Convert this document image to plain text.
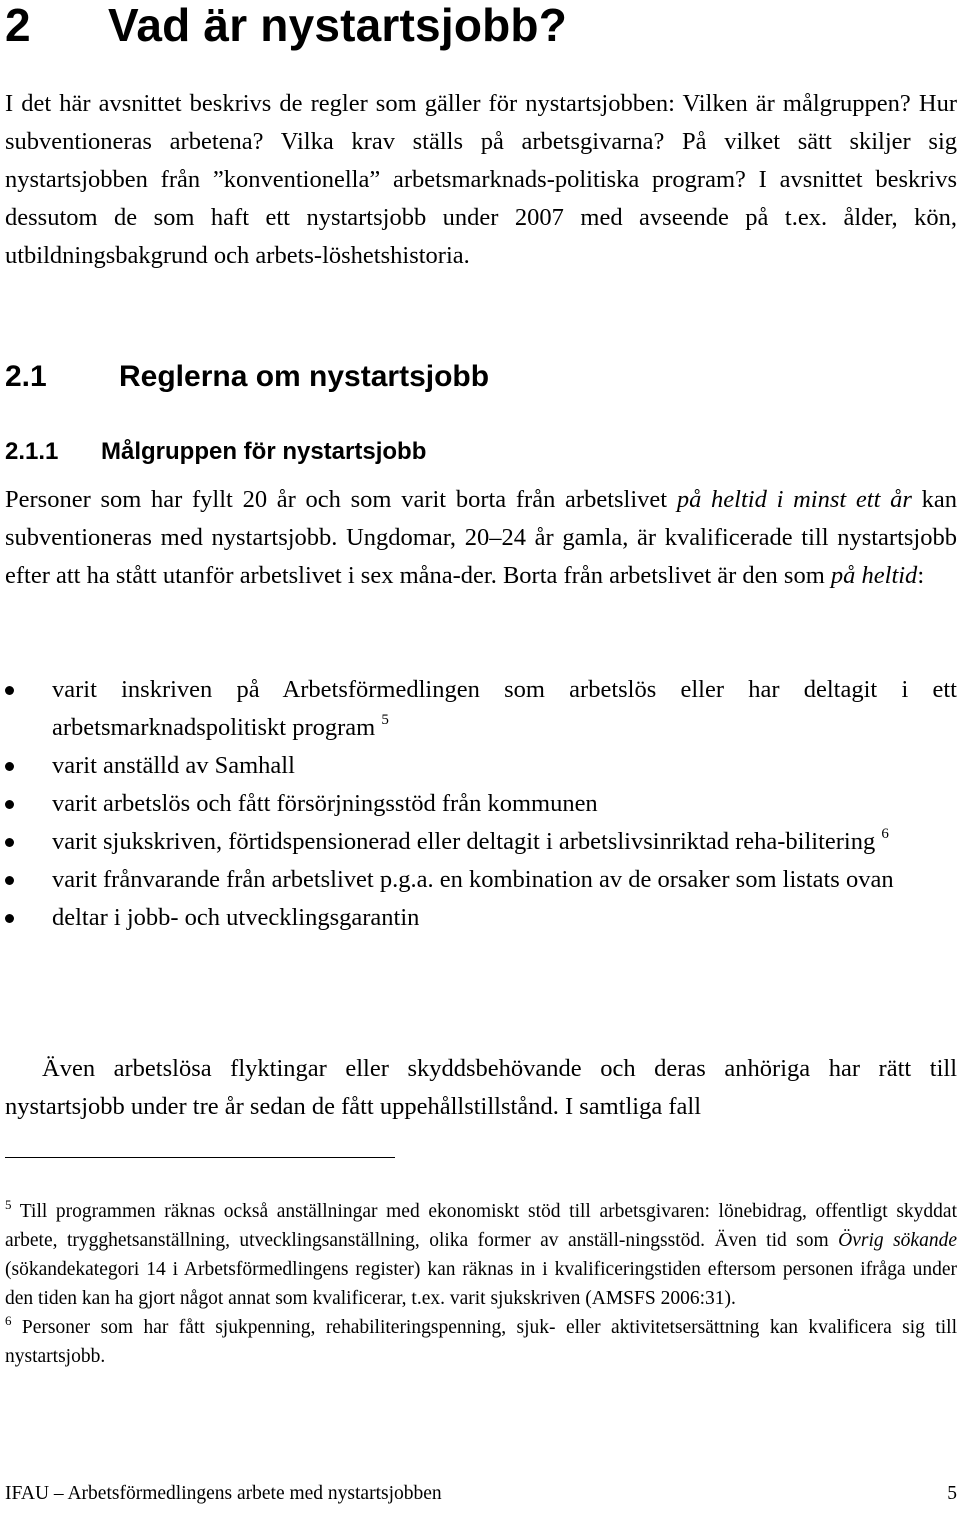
2 Vad är nystartsjobb?

I det här avsnittet beskrivs de regler som gäller för nystartsjobben: Vilken är målgruppen? Hur subventioneras arbetena? Vilka krav ställs på arbetsgivarna? På vilket sätt skiljer sig nystartsjobben från ”konventionella” arbetsmarknads-politiska program? I avsnittet beskrivs dessutom de som haft ett nystartsjobb under 2007 med avseende på t.ex. ålder, kön, utbildningsbakgrund och arbets-löshetshistoria.

2.1 Reglerna om nystartsjobb
2.1.1 Målgruppen för nystartsjobb

Personer som har fyllt 20 år och som varit borta från arbetslivet på heltid i minst ett år kan subventioneras med nystartsjobb. Ungdomar, 20–24 år gamla, är kvalificerade till nystartsjobb efter att ha stått utanför arbetslivet i sex måna-der. Borta från arbetslivet är den som på heltid:

varit inskriven på Arbetsförmedlingen som arbetslös eller har deltagit i ett arbetsmarknadspolitiskt program $^5$
varit anställd av Samhall
varit arbetslös och fått försörjningsstöd från kommunen
varit sjukskriven, förtidspensionerad eller deltagit i arbetslivsinriktad reha-bilitering $^6$
varit frånvarande från arbetslivet p.g.a. en kombination av de orsaker som listats ovan
deltar i jobb- och utvecklingsgarantin

Även arbetslösa flyktingar eller skyddsbehövande och deras anhöriga har rätt till nystartsjobb under tre år sedan de fått uppehållstillstånd. I samtliga fall

$^5$ Till programmen räknas också anställningar med ekonomiskt stöd till arbetsgivaren: lönebidrag, offentligt skyddat arbete, trygghetsanställning, utvecklingsanställning, olika former av anställ-ningsstöd. Även tid som Övrig sökande (sökandekategori 14 i Arbetsförmedlingens register) kan räknas in i kvalificeringstiden eftersom personen ifråga under den tiden kan ha gjort något annat som kvalificerar, t.ex. varit sjukskriven (AMSFS 2006:31).

$^6$ Personer som har fått sjukpenning, rehabiliteringspenning, sjuk- eller aktivitetsersättning kan kvalificera sig till nystartsjobb.

IFAU – Arbetsförmedlingens arbete med nystartsjobben	5
